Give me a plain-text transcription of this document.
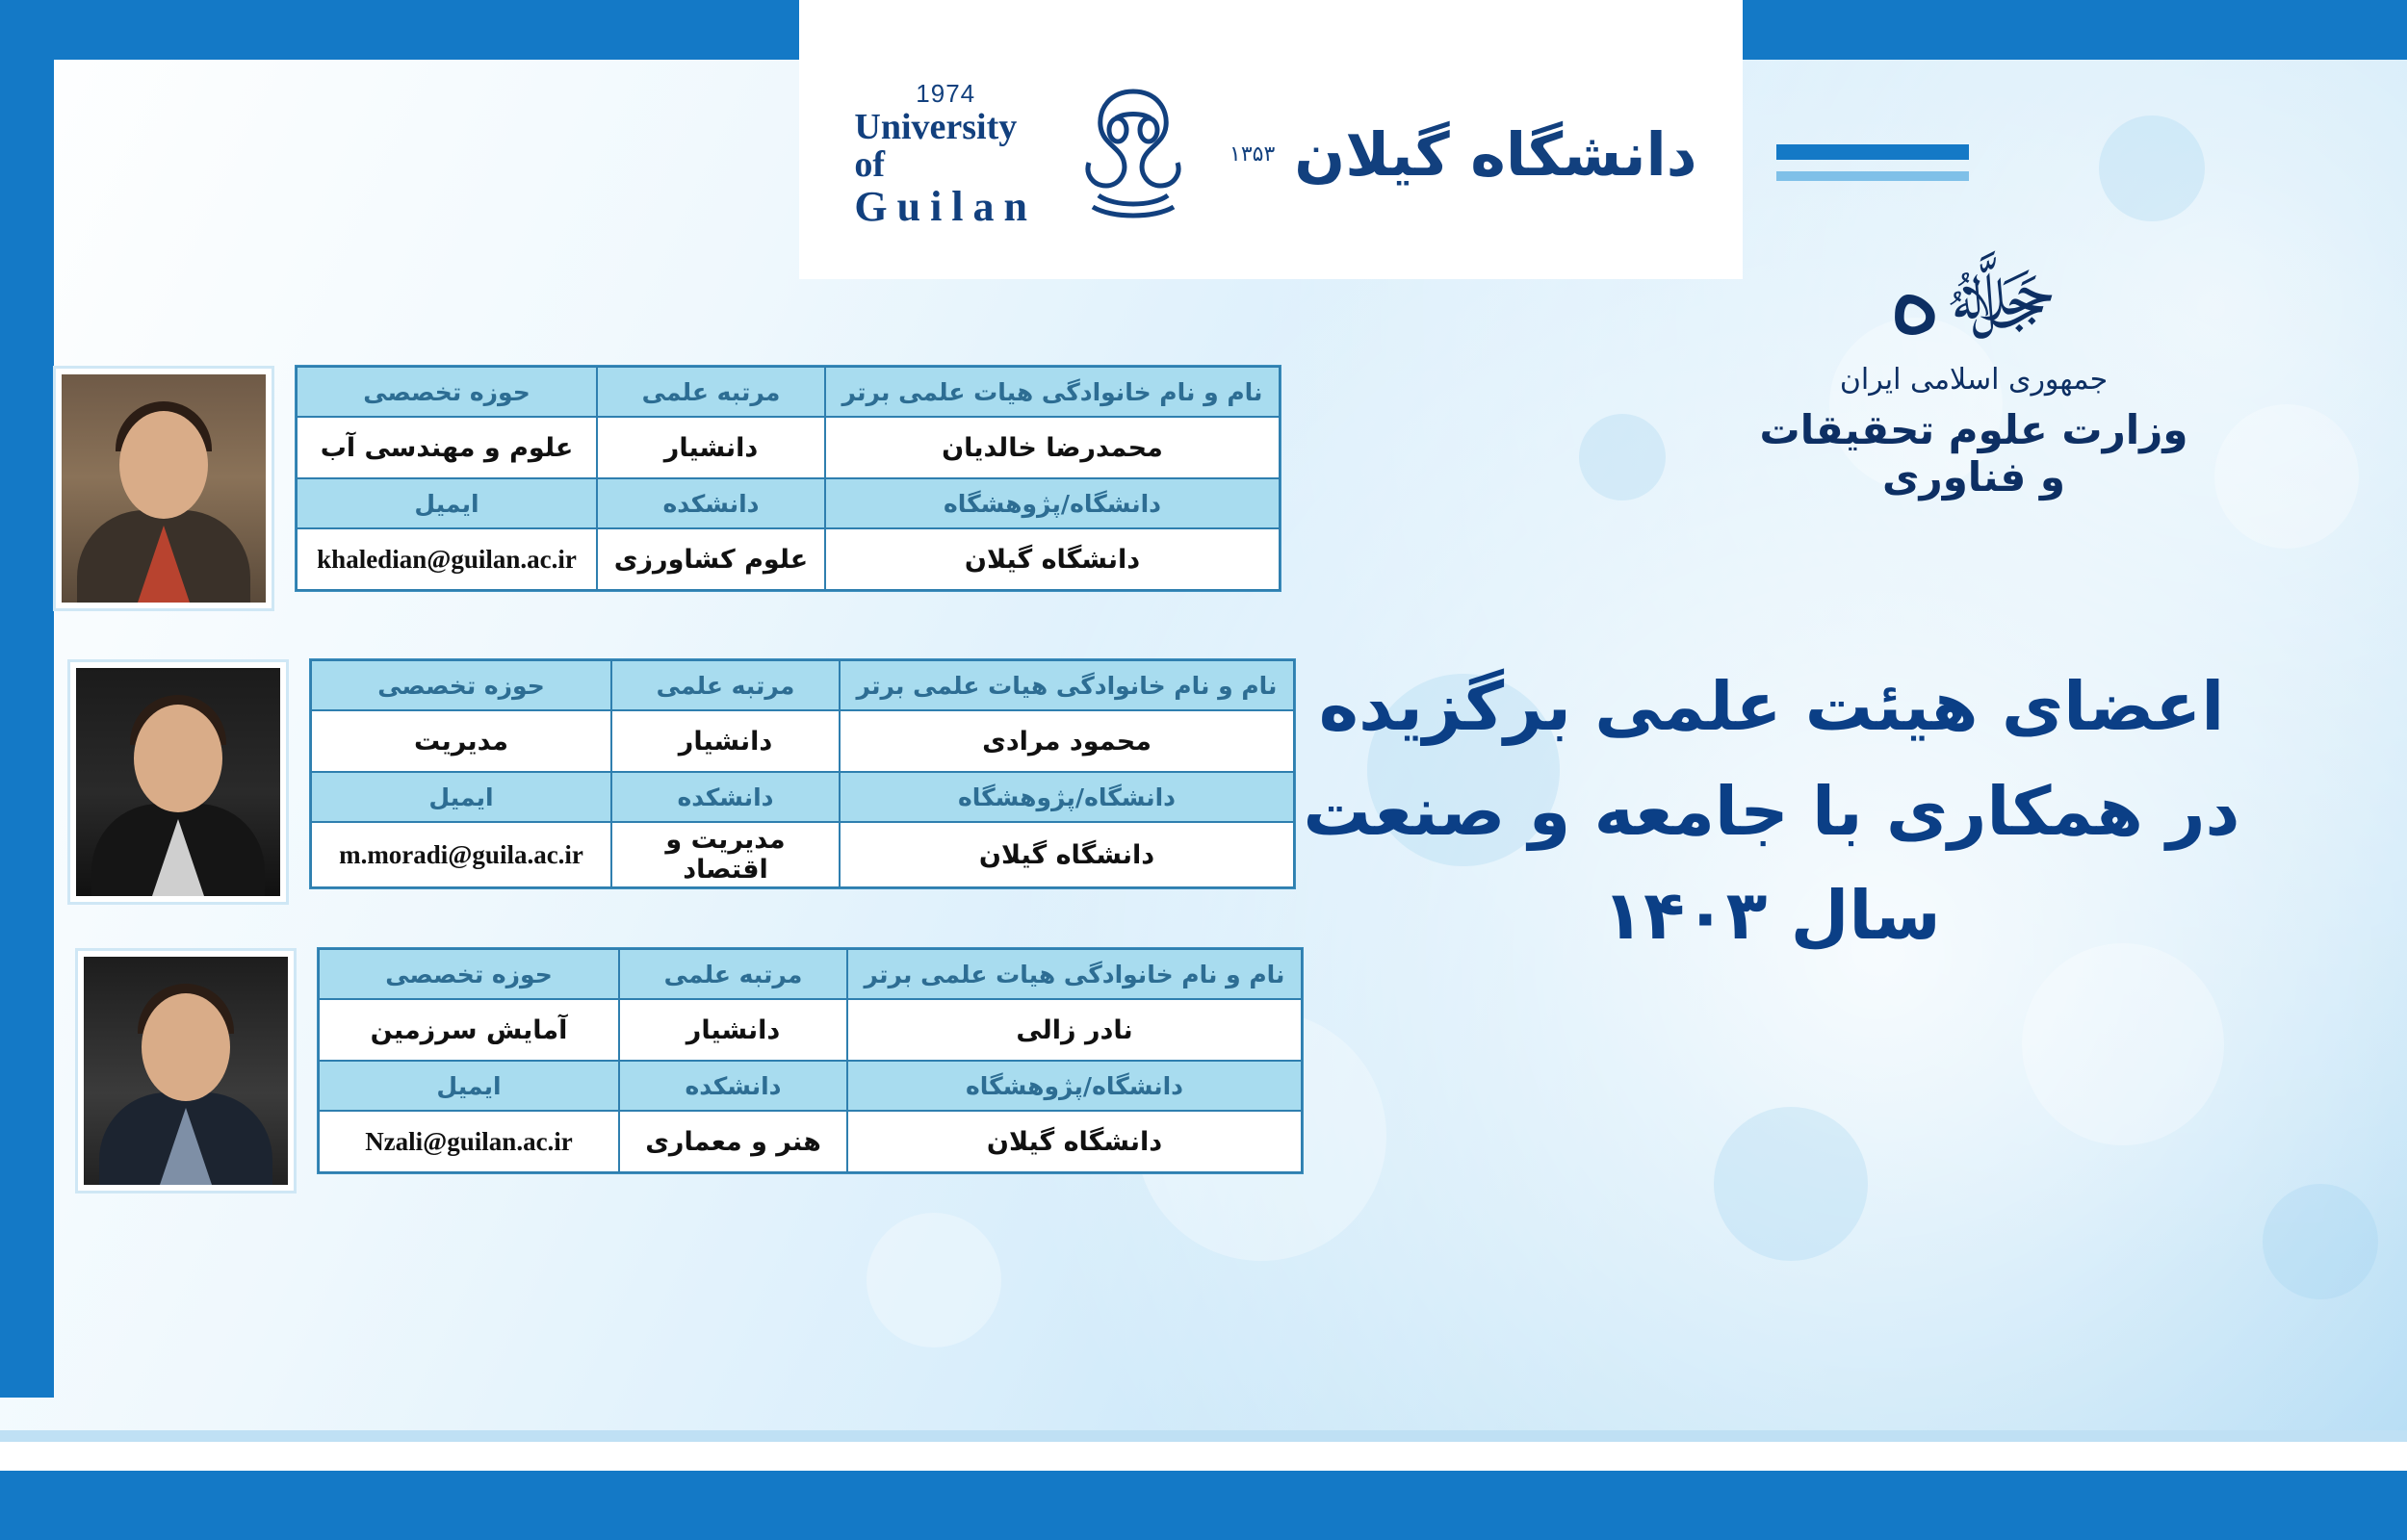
دانشگاه گیلان
۱۳۵۳
1974
University of
Guilan
ﷻە
جمهوری اسلامی ایران
وزارت علوم تحقیقات و فناوری
اعضای هیئت علمی برگزیده
در همکاری با جامعه و صنعت
سال ۱۴۰۳
نام و نام خانوادگی هیات علمی برتر	مرتبه علمی	حوزه تخصصی
محمدرضا خالدیان	دانشیار	علوم و مهندسی آب
دانشگاه/پژوهشگاه	دانشکده	ایمیل
دانشگاه گیلان	علوم کشاورزی	khaledian@guilan.ac.ir
نام و نام خانوادگی هیات علمی برتر	مرتبه علمی	حوزه تخصصی
محمود مرادی	دانشیار	مدیریت
دانشگاه/پژوهشگاه	دانشکده	ایمیل
دانشگاه گیلان	مدیریت و اقتصاد	m.moradi@guila.ac.ir
نام و نام خانوادگی هیات علمی برتر	مرتبه علمی	حوزه تخصصی
نادر زالی	دانشیار	آمایش سرزمین
دانشگاه/پژوهشگاه	دانشکده	ایمیل
دانشگاه گیلان	هنر و معماری	Nzali@guilan.ac.ir
